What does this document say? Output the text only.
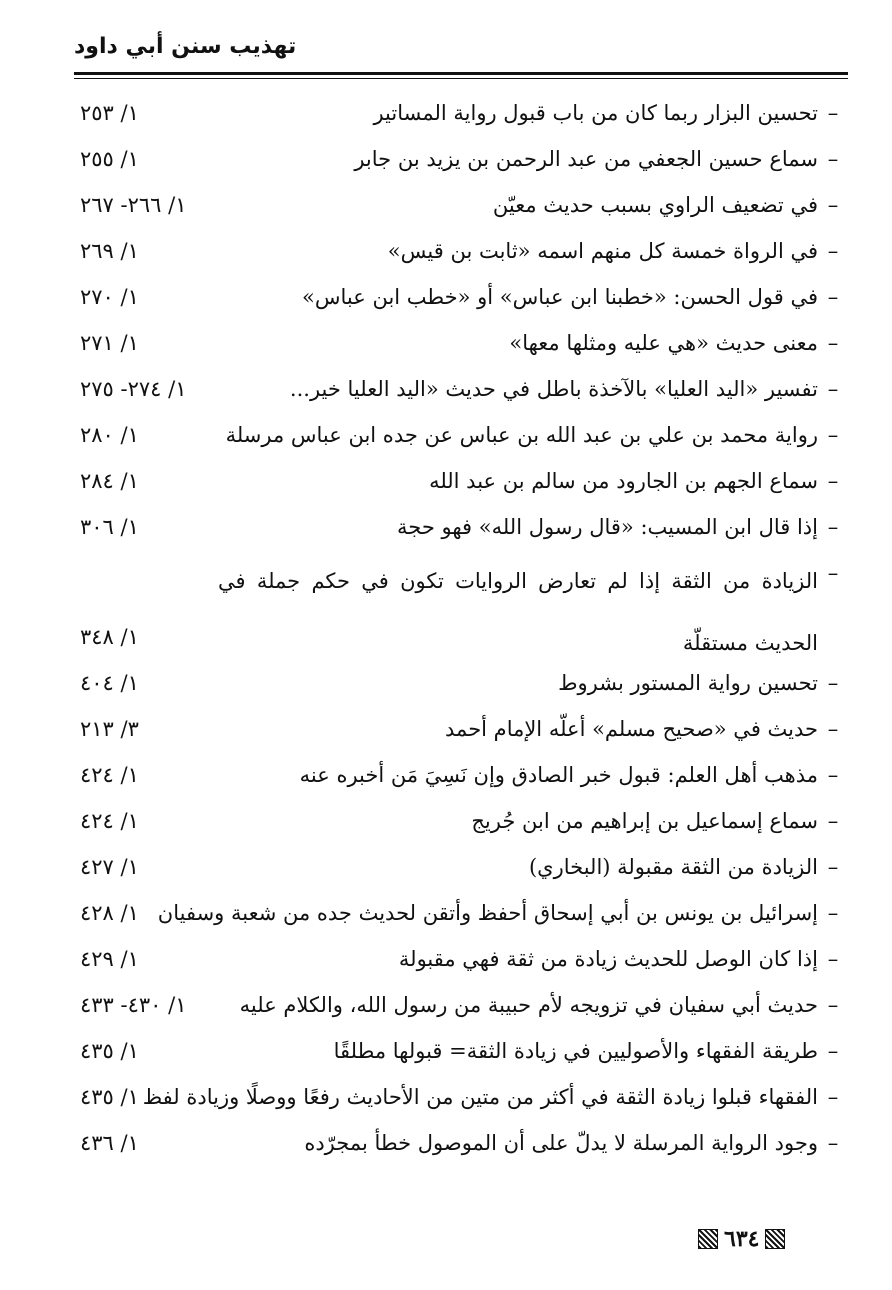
تهذيب سنن أبي داود
–
تحسين البزار ربما كان من باب قبول رواية المساتير
١/ ٢٥٣
–
سماع حسين الجعفي من عبد الرحمن بن يزيد بن جابر
١/ ٢٥٥
–
في تضعيف الراوي بسبب حديث معيّن
١/ ٢٦٦- ٢٦٧
–
في الرواة خمسة كل منهم اسمه «ثابت بن قيس»
١/ ٢٦٩
–
في قول الحسن: «خطبنا ابن عباس» أو «خطب ابن عباس»
١/ ٢٧٠
–
معنى حديث «هي عليه ومثلها معها»
١/ ٢٧١
–
تفسير «اليد العليا» بالآخذة باطل في حديث «اليد العليا خير...
١/ ٢٧٤- ٢٧٥
–
رواية محمد بن علي بن عبد الله بن عباس عن جده ابن عباس مرسلة
١/ ٢٨٠
–
سماع الجهم بن الجارود من سالم بن عبد الله
١/ ٢٨٤
–
إذا قال ابن المسيب: «قال رسول الله» فهو حجة
١/ ٣٠٦
–
الزيادة من الثقة إذا لم تعارض الروايات تكون في حكم جملة في الحديث مستقلّة
١/ ٣٤٨
–
تحسين رواية المستور بشروط
١/ ٤٠٤
–
حديث في «صحيح مسلم» أعلّه الإمام أحمد
٣/ ٢١٣
–
مذهب أهل العلم: قبول خبر الصادق وإن نَسِيَ مَن أخبره عنه
١/ ٤٢٤
–
سماع إسماعيل بن إبراهيم من ابن جُريج
١/ ٤٢٤
–
الزيادة من الثقة مقبولة (البخاري)
١/ ٤٢٧
–
إسرائيل بن يونس بن أبي إسحاق أحفظ وأتقن لحديث جده من شعبة وسفيان
١/ ٤٢٨
–
إذا كان الوصل للحديث زيادة من ثقة فهي مقبولة
١/ ٤٢٩
–
حديث أبي سفيان في تزويجه لأم حبيبة من رسول الله، والكلام عليه
١/ ٤٣٠- ٤٣٣
–
طريقة الفقهاء والأصوليين في زيادة الثقة= قبولها مطلقًا
١/ ٤٣٥
–
الفقهاء قبلوا زيادة الثقة في أكثر من متين من الأحاديث رفعًا ووصلًا وزيادة لفظ
١/ ٤٣٥
–
وجود الرواية المرسلة لا يدلّ على أن الموصول خطأ بمجرّده
١/ ٤٣٦
٦٣٤
